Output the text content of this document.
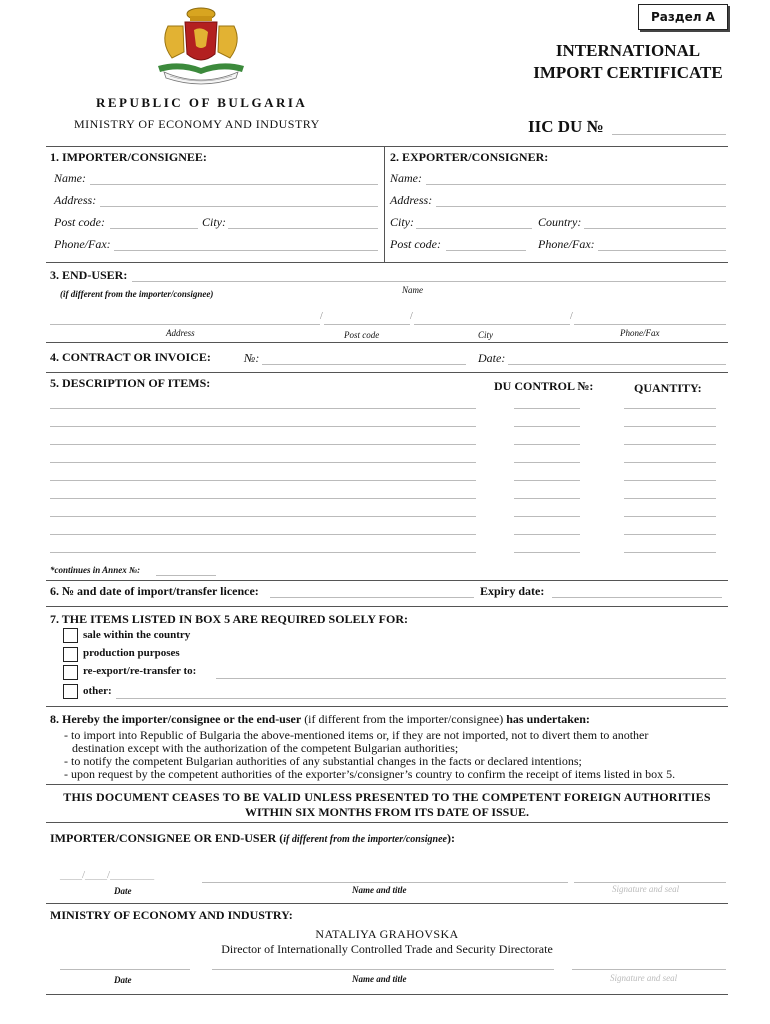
Раздел А
INTERNATIONAL
IMPORT CERTIFICATE
REPUBLIC OF BULGARIA
MINISTRY OF ECONOMY AND INDUSTRY	IIC DU №
1. IMPORTER/CONSIGNEE:
Name:
Address:
Post code:	City:
Phone/Fax:
2. EXPORTER/CONSIGNER:
Name:
Address:
City:	Country:
Post code:	Phone/Fax:
3. END-USER:
(if different from the importer/consignee)	Name
/	/	/
Address	Post code	City	Phone/Fax
4. CONTRACT OR INVOICE:	№:	Date:
5. DESCRIPTION OF ITEMS:	DU CONTROL №:	QUANTITY:
*continues in Annex №:
6. № and date of import/transfer licence:	Expiry date:
7. THE ITEMS LISTED IN BOX 5 ARE REQUIRED SOLELY FOR:
sale within the country
production purposes
re-export/re-transfer to:
other:
8. Hereby the importer/consignee or the end-user (if different from the importer/consignee) has undertaken:
- to import into Republic of Bulgaria the above-mentioned items or, if they are not imported, not to divert them to another
destination except with the authorization of the competent Bulgarian authorities;
- to notify the competent Bulgarian authorities of any substantial changes in the facts or declared intentions;
- upon request by the competent authorities of the exporter’s/consigner’s country to confirm the receipt of items listed in box 5.
THIS DOCUMENT CEASES TO BE VALID UNLESS PRESENTED TO THE COMPETENT FOREIGN AUTHORITIES
WITHIN SIX MONTHS FROM ITS DATE OF ISSUE.
IMPORTER/CONSIGNEE OR END-USER (if different from the importer/consignee):
____/____/________
Date	Name and title	Signature and seal
MINISTRY OF ECONOMY AND INDUSTRY:
NATALIYA GRAHOVSKA
Director of Internationally Controlled Trade and Security Directorate
Date	Name and title	Signature and seal
